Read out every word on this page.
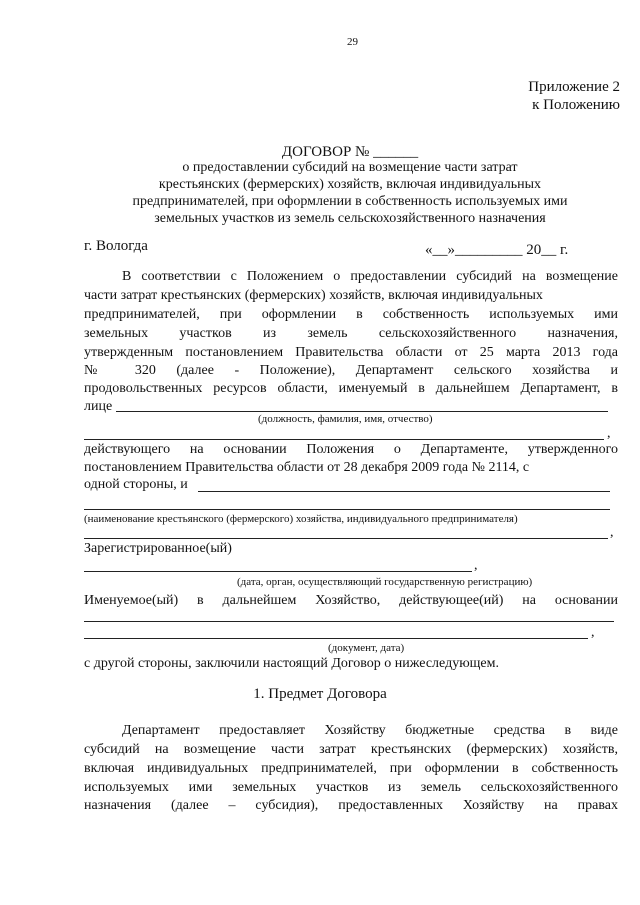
29
Приложение 2
к Положению
ДОГОВОР № ______
о предоставлении субсидий на возмещение части затрат
крестьянских (фермерских) хозяйств, включая индивидуальных
предпринимателей, при оформлении в собственность используемых ими
земельных участков из земель сельскохозяйственного назначения
г. Вологда	«__»_________ 20__ г.
В соответствии с Положением о предоставлении субсидий на возмещение
части затрат крестьянских (фермерских) хозяйств, включая индивидуальных
предпринимателей, при оформлении в собственность используемых ими
земельных участков из земель сельскохозяйственного назначения,
утвержденным постановлением Правительства области от 25 марта 2013 года
№ 320 (далее - Положение), Департамент сельского хозяйства и
продовольственных ресурсов области, именуемый в дальнейшем Департамент, в
лице
(должность, фамилия, имя, отчество)
,
действующего на основании Положения о Департаменте, утвержденного
постановлением Правительства области от 28 декабря 2009 года № 2114, с
одной стороны, и
(наименование крестьянского (фермерского) хозяйства, индивидуального предпринимателя)
,
Зарегистрированное(ый)
,
(дата, орган, осуществляющий государственную регистрацию)
Именуемое(ый) в дальнейшем Хозяйство, действующее(ий) на основании
,
(документ, дата)
с другой стороны, заключили настоящий Договор о нижеследующем.
1. Предмет Договора
Департамент предоставляет Хозяйству бюджетные средства в виде
субсидий на возмещение части затрат крестьянских (фермерских) хозяйств,
включая индивидуальных предпринимателей, при оформлении в собственность
используемых ими земельных участков из земель сельскохозяйственного
назначения (далее – субсидия), предоставленных Хозяйству на правах
